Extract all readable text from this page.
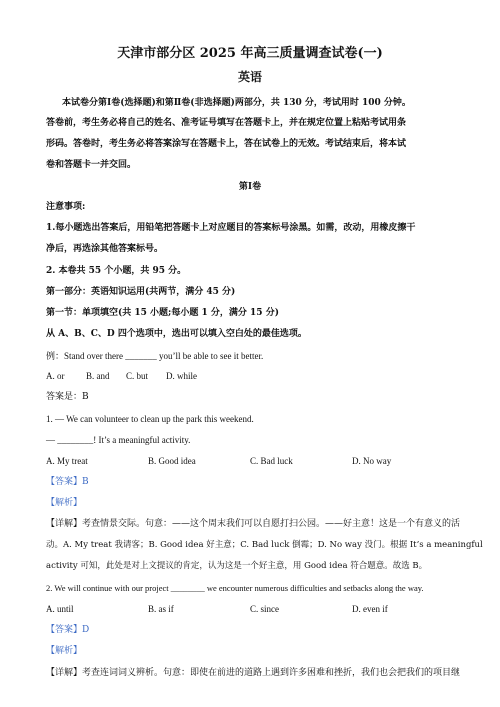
天津市部分区 2025 年高三质量调查试卷(一)
英语
本试卷分第Ⅰ卷(选择题)和第Ⅱ卷(非选择题)两部分，共 130 分，考试用时 100 分钟。
答卷前，考生务必将自己的姓名、准考证号填写在答题卡上，并在规定位置上粘贴考试用条
形码。答卷时，考生务必将答案涂写在答题卡上，答在试卷上的无效。考试结束后，将本试
卷和答题卡一并交回。
第Ⅰ卷
注意事项:
1.每小题选出答案后，用铅笔把答题卡上对应题目的答案标号涂黑。如需，改动，用橡皮擦干
净后，再选涂其他答案标号。
2. 本卷共 55 个小题，共 95 分。
第一部分：英语知识运用(共两节，满分 45 分)
第一节：单项填空(共 15 小题;每小题 1 分，满分 15 分)
从 A、B、C、D 四个选项中，选出可以填入空白处的最佳选项。
例：Stand over there _______ you’ll be able to see it better.
A. or B. and C. but D. while
答案是：B
1. — We can volunteer to clean up the park this weekend.
— ________! It’s a meaningful activity.
A. My treat	B. Good idea	C. Bad luck	D. No way
【答案】B
【解析】
【详解】考查情景交际。句意：——这个周末我们可以自愿打扫公园。——好主意！这是一个有意义的活
动。A. My treat 我请客；B. Good idea 好主意；C. Bad luck 倒霉；D. No way 没门。根据 It’s a meaningful
activity 可知，此处是对上文提议的肯定，认为这是一个好主意，用 Good idea 符合题意。故选 B。
2. We will continue with our project ________ we encounter numerous difficulties and setbacks along the way.
A. until	B. as if	C. since	D. even if
【答案】D
【解析】
【详解】考查连词词义辨析。句意：即使在前进的道路上遇到许多困难和挫折，我们也会把我们的项目继
